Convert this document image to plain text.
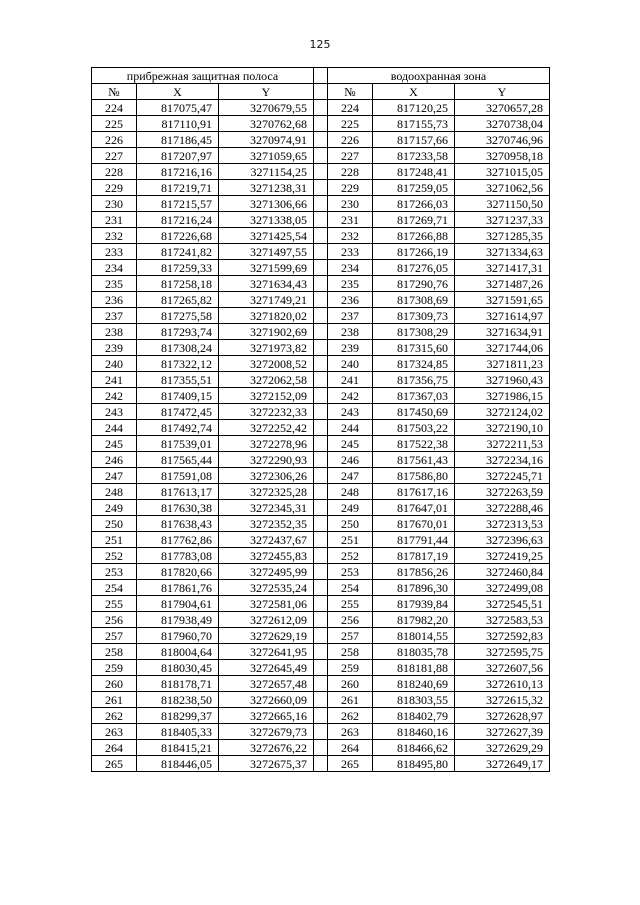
125
прибрежная защитная полоса				водоохранная зона		
№	X	Y		№	X	Y
224	817075,47	3270679,55		224	817120,25	3270657,28
225	817110,91	3270762,68		225	817155,73	3270738,04
226	817186,45	3270974,91		226	817157,66	3270746,96
227	817207,97	3271059,65		227	817233,58	3270958,18
228	817216,16	3271154,25		228	817248,41	3271015,05
229	817219,71	3271238,31		229	817259,05	3271062,56
230	817215,57	3271306,66		230	817266,03	3271150,50
231	817216,24	3271338,05		231	817269,71	3271237,33
232	817226,68	3271425,54		232	817266,88	3271285,35
233	817241,82	3271497,55		233	817266,19	3271334,63
234	817259,33	3271599,69		234	817276,05	3271417,31
235	817258,18	3271634,43		235	817290,76	3271487,26
236	817265,82	3271749,21		236	817308,69	3271591,65
237	817275,58	3271820,02		237	817309,73	3271614,97
238	817293,74	3271902,69		238	817308,29	3271634,91
239	817308,24	3271973,82		239	817315,60	3271744,06
240	817322,12	3272008,52		240	817324,85	3271811,23
241	817355,51	3272062,58		241	817356,75	3271960,43
242	817409,15	3272152,09		242	817367,03	3271986,15
243	817472,45	3272232,33		243	817450,69	3272124,02
244	817492,74	3272252,42		244	817503,22	3272190,10
245	817539,01	3272278,96		245	817522,38	3272211,53
246	817565,44	3272290,93		246	817561,43	3272234,16
247	817591,08	3272306,26		247	817586,80	3272245,71
248	817613,17	3272325,28		248	817617,16	3272263,59
249	817630,38	3272345,31		249	817647,01	3272288,46
250	817638,43	3272352,35		250	817670,01	3272313,53
251	817762,86	3272437,67		251	817791,44	3272396,63
252	817783,08	3272455,83		252	817817,19	3272419,25
253	817820,66	3272495,99		253	817856,26	3272460,84
254	817861,76	3272535,24		254	817896,30	3272499,08
255	817904,61	3272581,06		255	817939,84	3272545,51
256	817938,49	3272612,09		256	817982,20	3272583,53
257	817960,70	3272629,19		257	818014,55	3272592,83
258	818004,64	3272641,95		258	818035,78	3272595,75
259	818030,45	3272645,49		259	818181,88	3272607,56
260	818178,71	3272657,48		260	818240,69	3272610,13
261	818238,50	3272660,09		261	818303,55	3272615,32
262	818299,37	3272665,16		262	818402,79	3272628,97
263	818405,33	3272679,73		263	818460,16	3272627,39
264	818415,21	3272676,22		264	818466,62	3272629,29
265	818446,05	3272675,37		265	818495,80	3272649,17
